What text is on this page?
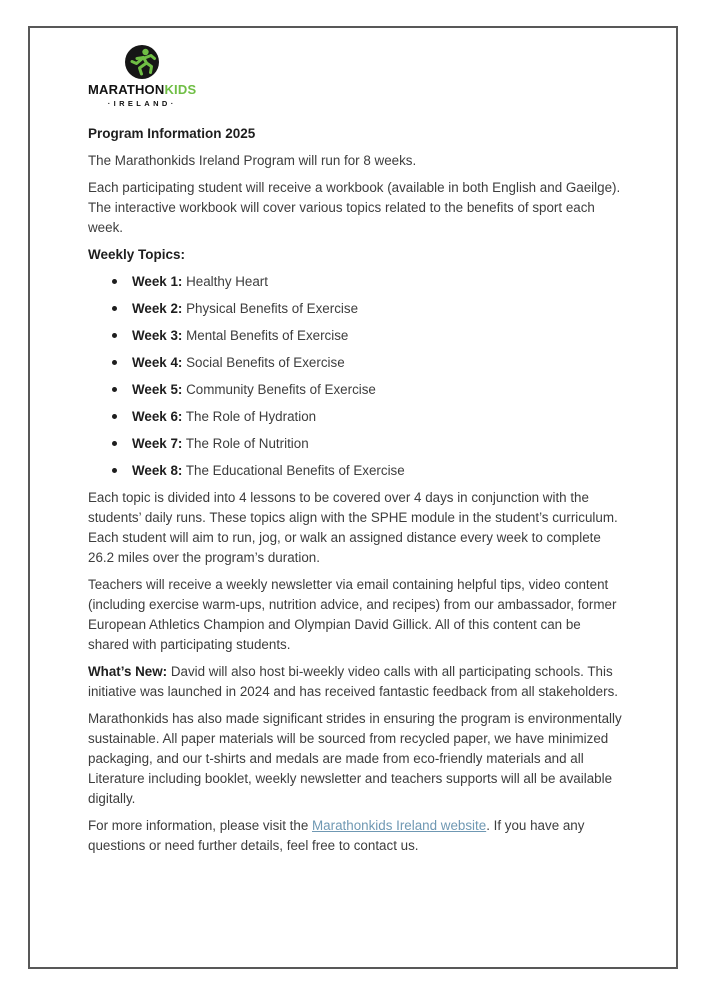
MARATHONKIDS
·IRELAND·
Program Information 2025

The Marathonkids Ireland Program will run for 8 weeks.

Each participating student will receive a workbook (available in both English and Gaeilge). The interactive workbook will cover various topics related to the benefits of sport each week.

Weekly Topics:
Week 1: Healthy Heart
Week 2: Physical Benefits of Exercise
Week 3: Mental Benefits of Exercise
Week 4: Social Benefits of Exercise
Week 5: Community Benefits of Exercise
Week 6: The Role of Hydration
Week 7: The Role of Nutrition
Week 8: The Educational Benefits of Exercise

Each topic is divided into 4 lessons to be covered over 4 days in conjunction with the students’ daily runs. These topics align with the SPHE module in the student’s curriculum. Each student will aim to run, jog, or walk an assigned distance every week to complete 26.2 miles over the program’s duration.

Teachers will receive a weekly newsletter via email containing helpful tips, video content (including exercise warm-ups, nutrition advice, and recipes) from our ambassador, former European Athletics Champion and Olympian David Gillick. All of this content can be shared with participating students.

What’s New: David will also host bi-weekly video calls with all participating schools. This initiative was launched in 2024 and has received fantastic feedback from all stakeholders.

Marathonkids has also made significant strides in ensuring the program is environmentally sustainable. All paper materials will be sourced from recycled paper, we have minimized packaging, and our t-shirts and medals are made from eco-friendly materials and all Literature including booklet, weekly newsletter and teachers supports will all be available digitally.

For more information, please visit the Marathonkids Ireland website. If you have any questions or need further details, feel free to contact us.
